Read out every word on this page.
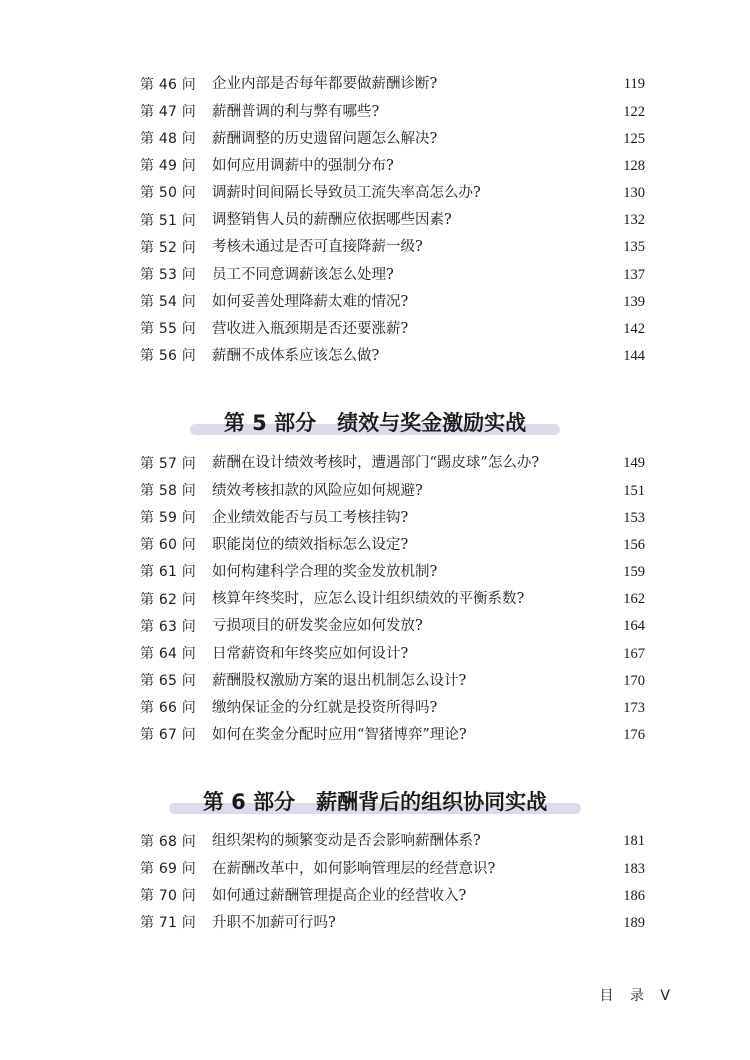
第 46 问	企业内部是否每年都要做薪酬诊断?	119
第 47 问	薪酬普调的利与弊有哪些?	122
第 48 问	薪酬调整的历史遗留问题怎么解决?	125
第 49 问	如何应用调薪中的强制分布?	128
第 50 问	调薪时间间隔长导致员工流失率高怎么办?	130
第 51 问	调整销售人员的薪酬应依据哪些因素?	132
第 52 问	考核未通过是否可直接降薪一级?	135
第 53 问	员工不同意调薪该怎么处理?	137
第 54 问	如何妥善处理降薪太难的情况?	139
第 55 问	营收进入瓶颈期是否还要涨薪?	142
第 56 问	薪酬不成体系应该怎么做?	144
第 5 部分　绩效与奖金激励实战
第 57 问	薪酬在设计绩效考核时，遭遇部门“踢皮球”怎么办?	149
第 58 问	绩效考核扣款的风险应如何规避?	151
第 59 问	企业绩效能否与员工考核挂钩?	153
第 60 问	职能岗位的绩效指标怎么设定?	156
第 61 问	如何构建科学合理的奖金发放机制?	159
第 62 问	核算年终奖时，应怎么设计组织绩效的平衡系数?	162
第 63 问	亏损项目的研发奖金应如何发放?	164
第 64 问	日常薪资和年终奖应如何设计?	167
第 65 问	薪酬股权激励方案的退出机制怎么设计?	170
第 66 问	缴纳保证金的分红就是投资所得吗?	173
第 67 问	如何在奖金分配时应用“智猪博弈”理论?	176
第 6 部分　薪酬背后的组织协同实战
第 68 问	组织架构的频繁变动是否会影响薪酬体系?	181
第 69 问	在薪酬改革中，如何影响管理层的经营意识?	183
第 70 问	如何通过薪酬管理提高企业的经营收入?	186
第 71 问	升职不加薪可行吗?	189
目 录 V
